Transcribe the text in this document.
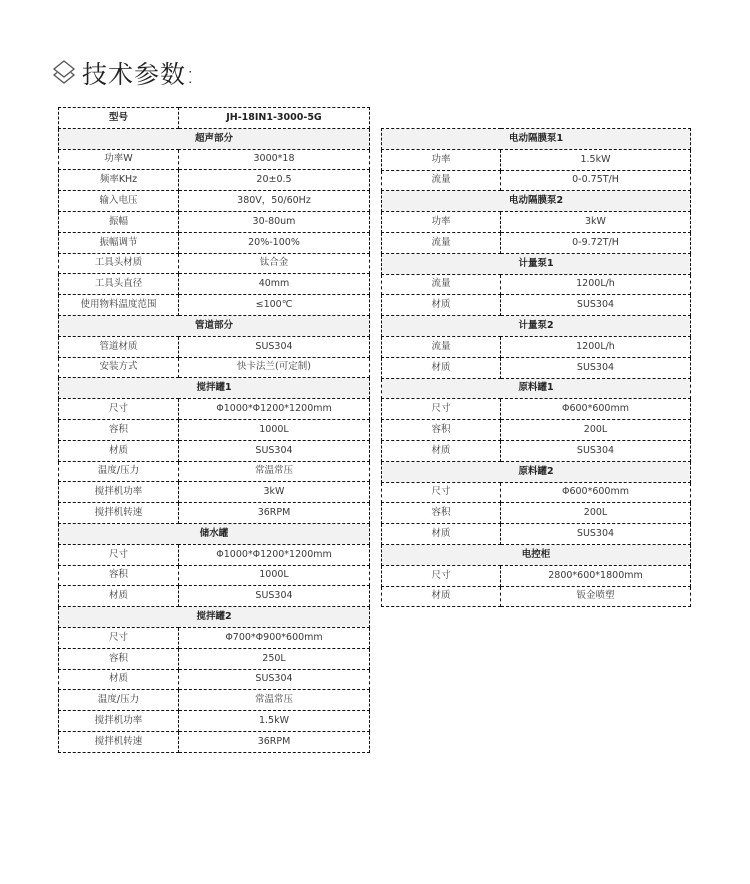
技术参数:
型号	JH-18IN1-3000-5G
超声部分	
功率W	3000*18
频率KHz	20±0.5
输入电压	380V，50/60Hz
振幅	30-80um
振幅调节	20%-100%
工具头材质	钛合金
工具头直径	40mm
使用物料温度范围	≤100℃
管道部分	
管道材质	SUS304
安装方式	快卡法兰(可定制)
搅拌罐1	
尺寸	Φ1000*Φ1200*1200mm
容积	1000L
材质	SUS304
温度/压力	常温常压
搅拌机功率	3kW
搅拌机转速	36RPM
储水罐	
尺寸	Φ1000*Φ1200*1200mm
容积	1000L
材质	SUS304
搅拌罐2	
尺寸	Φ700*Φ900*600mm
容积	250L
材质	SUS304
温度/压力	常温常压
搅拌机功率	1.5kW
搅拌机转速	36RPM
电动隔膜泵1	
功率	1.5kW
流量	0-0.75T/H
电动隔膜泵2	
功率	3kW
流量	0-9.72T/H
计量泵1	
流量	1200L/h
材质	SUS304
计量泵2	
流量	1200L/h
材质	SUS304
原料罐1	
尺寸	Φ600*600mm
容积	200L
材质	SUS304
原料罐2	
尺寸	Φ600*600mm
容积	200L
材质	SUS304
电控柜	
尺寸	2800*600*1800mm
材质	钣金喷塑
